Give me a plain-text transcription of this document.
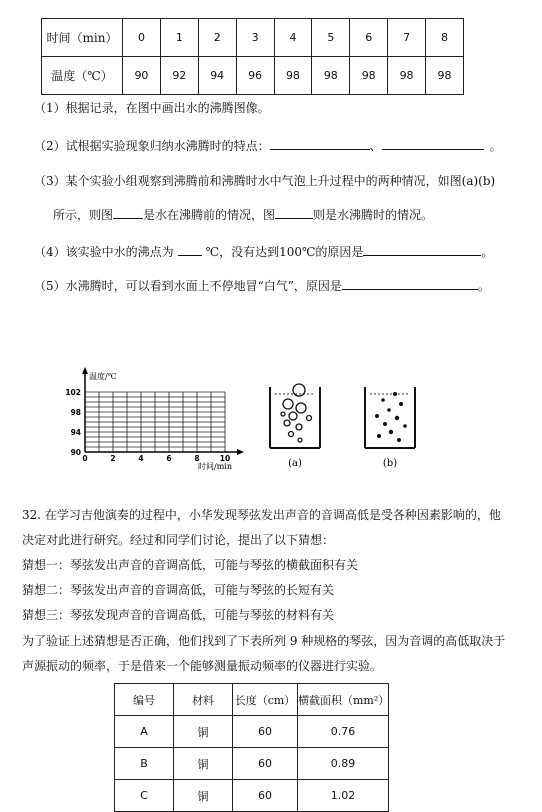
时间（min）	0	1	2	3	4	5	6	7	8
温度（℃）	90	92	94	96	98	98	98	98	98
（1）根据记录，在图中画出水的沸腾图像。
（2）试根据实验现象归纳水沸腾时的特点：	、	。
（3）某个实验小组观察到沸腾前和沸腾时水中气泡上升过程中的两种情况，如图(a)(b)
所示，则图	是水在沸腾前的情况，图	则是水沸腾时的情况。
（4）该实验中水的沸点为	℃，没有达到100℃的原因是	。
（5）水沸腾时，可以看到水面上不停地冒“白气”，原因是	。
温度/℃
时间/min
0	2	4	6	8	10
90
94
98
102
(a)	(b)
32. 在学习吉他演奏的过程中，小华发现琴弦发出声音的音调高低是受各种因素影响的，他
决定对此进行研究。经过和同学们讨论，提出了以下猜想：
猜想一：琴弦发出声音的音调高低，可能与琴弦的横截面积有关
猜想二：琴弦发出声音的音调高低，可能与琴弦的长短有关
猜想三：琴弦发现声音的音调高低，可能与琴弦的材料有关
为了验证上述猜想是否正确，他们找到了下表所列 9 种规格的琴弦，因为音调的高低取决于
声源振动的频率，于是借来一个能够测量振动频率的仪器进行实验。
编号	材料	长度（cm）	横截面积（mm²）
A	铜	60	0.76
B	铜	60	0.89
C	铜	60	1.02
